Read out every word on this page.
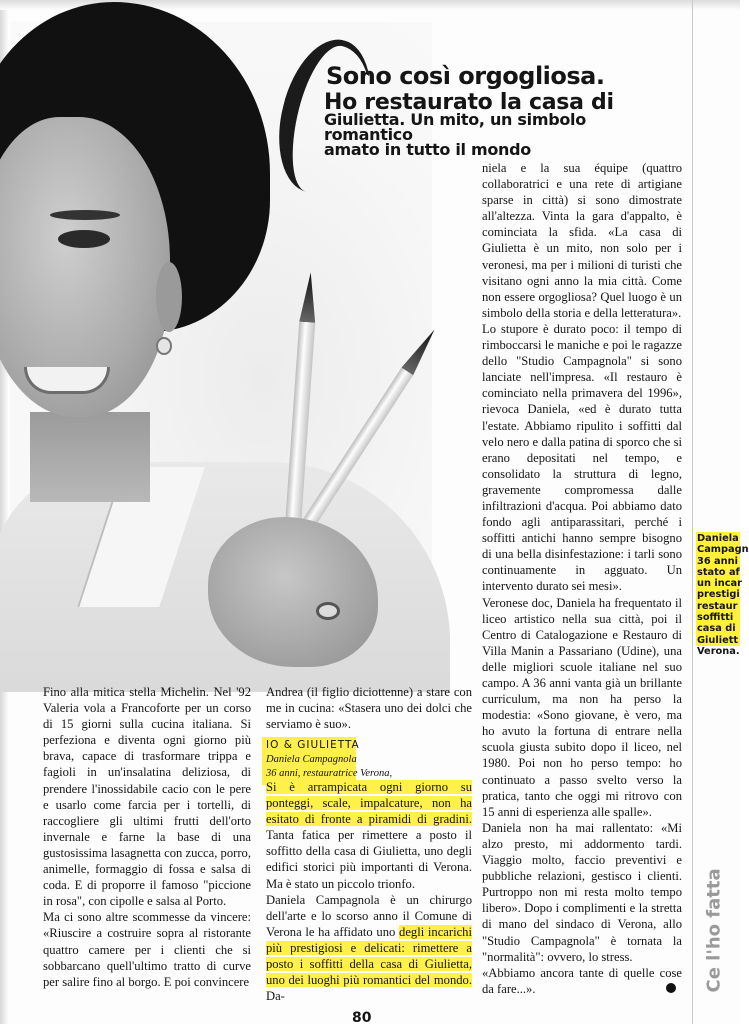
Sono così orgogliosa.
Ho restaurato la casa di
Giulietta. Un mito, un simbolo romantico
amato in tutto il mondo

niela e la sua équipe (quattro collaboratrici e una rete di artigiane sparse in città) si sono dimostrate all'altezza. Vinta la gara d'appalto, è cominciata la sfida. «La casa di Giulietta è un mito, non solo per i veronesi, ma per i milioni di turisti che visitano ogni anno la mia città. Come non essere orgogliosa? Quel luogo è un simbolo della storia e della letteratura».

Lo stupore è durato poco: il tempo di rimboccarsi le maniche e poi le ragazze dello "Studio Campagnola" si sono lanciate nell'impresa. «Il restauro è cominciato nella primavera del 1996», rievoca Daniela, «ed è durato tutta l'estate. Abbiamo ripulito i soffitti dal velo nero e dalla patina di sporco che si erano depositati nel tempo, e consolidato la struttura di legno, gravemente compromessa dalle infiltrazioni d'acqua. Poi abbiamo dato fondo agli antiparassitari, perché i soffitti antichi hanno sempre bisogno di una bella disinfestazione: i tarli sono continuamente in agguato. Un intervento durato sei mesi».

Veronese doc, Daniela ha frequentato il liceo artistico nella sua città, poi il Centro di Catalogazione e Restauro di Villa Manin a Passariano (Udine), una delle migliori scuole italiane nel suo campo. A 36 anni vanta già un brillante curriculum, ma non ha perso la modestia: «Sono giovane, è vero, ma ho avuto la fortuna di entrare nella scuola giusta subito dopo il liceo, nel 1980. Poi non ho perso tempo: ho continuato a passo svelto verso la pratica, tanto che oggi mi ritrovo con 15 anni di esperienza alle spalle».

Daniela non ha mai rallentato: «Mi alzo presto, mi addormento tardi. Viaggio molto, faccio preventivi e pubbliche relazioni, gestisco i clienti. Purtroppo non mi resta molto tempo libero». Dopo i complimenti e la stretta di mano del sindaco di Verona, allo "Studio Campagnola" è tornata la "normalità": ovvero, lo stress.

«Abbiamo ancora tante di quelle cose da fare...».

Fino alla mitica stella Michelin. Nel '92 Valeria vola a Francoforte per un corso di 15 giorni sulla cucina italiana. Si perfeziona e diventa ogni giorno più brava, capace di trasformare trippa e fagioli in un'insalatina deliziosa, di prendere l'inossidabile cacio con le pere e usarlo come farcia per i tortelli, di raccogliere gli ultimi frutti dell'orto invernale e farne la base di una gustosissima lasagnetta con zucca, porro, animelle, formaggio di fossa e salsa di coda. E di proporre il famoso "piccione in rosa", con cipolle e salsa al Porto.

Ma ci sono altre scommesse da vincere: «Riuscire a costruire sopra al ristorante quattro camere per i clienti che si sobbarcano quell'ultimo tratto di curve per salire fino al borgo. E poi convincere

Andrea (il figlio diciottenne) a stare con me in cucina: «Stasera uno dei dolci che serviamo è suo».

IO & GIULIETTA
Daniela Campagnola
36 anni, restauratrice Verona,

Si è arrampicata ogni giorno su ponteggi, scale, impalcature, non ha esitato di fronte a piramidi di gradini. Tanta fatica per rimettere a posto il soffitto della casa di Giulietta, uno degli edifici storici più importanti di Verona. Ma è stato un piccolo trionfo.

Daniela Campagnola è un chirurgo dell'arte e lo scorso anno il Comune di Verona le ha affidato uno degli incarichi più prestigiosi e delicati: rimettere a posto i soffitti della casa di Giulietta, uno dei luoghi più romantici del mondo. Da-

Daniela
Campagn
36 anni
stato af
un incar
prestigi
restaur
soffitti
casa di
Giuliett
Verona.
Ce l'ho fatta
80
